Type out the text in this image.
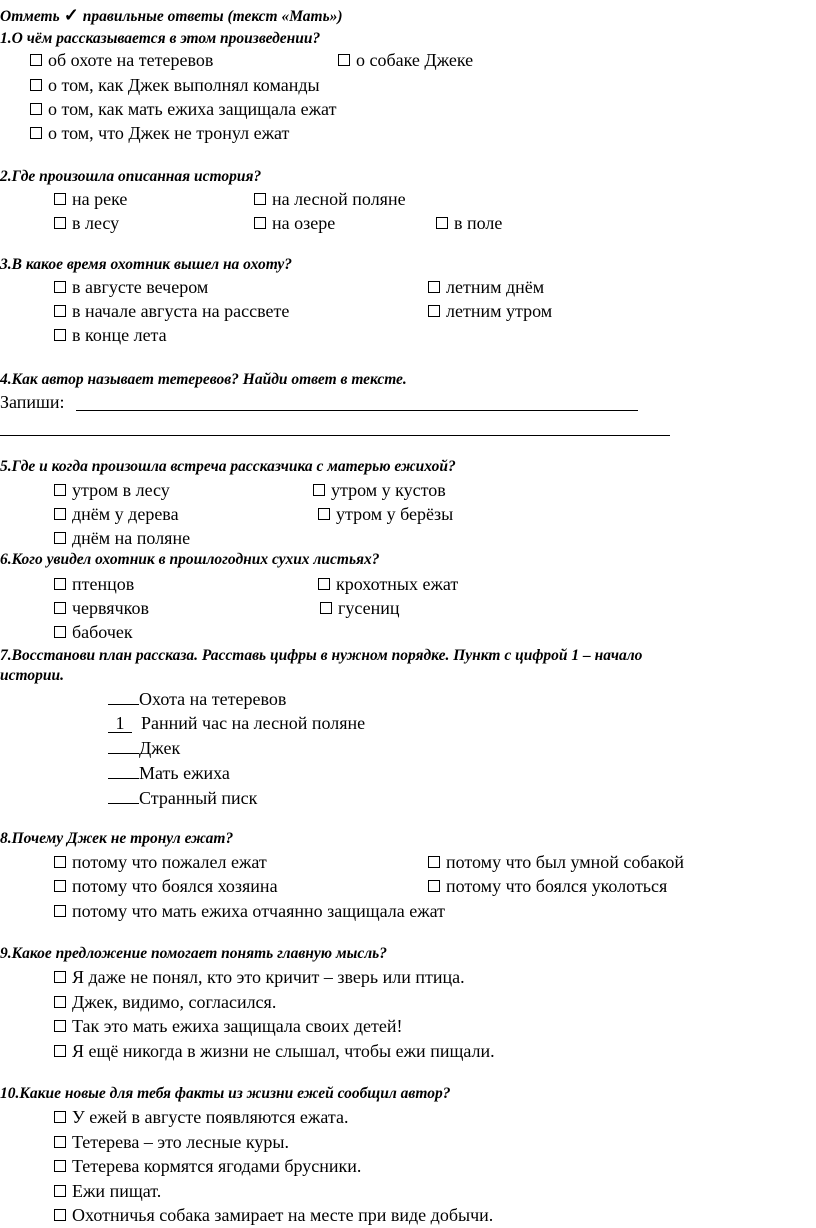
Отметь ✓ правильные ответы (текст «Мать»)
1.О чём рассказывается в этом произведении?
об охоте на тетеревов	о собаке Джеке
о том, как Джек выполнял команды
о том, как мать ежиха защищала ежат
о том, что Джек не тронул ежат
2.Где произошла описанная история?
на реке	на лесной поляне
в лесу	на озере	в поле
3.В какое время охотник вышел на охоту?
в августе вечером	летним днём
в начале августа на рассвете	летним утром
в конце лета
4.Как автор называет тетеревов? Найди ответ в тексте.
Запиши:
5.Где и когда произошла встреча рассказчика с матерью ежихой?
утром в лесу	утром у кустов
днём у дерева	утром у берёзы
днём на поляне
6.Кого увидел охотник в прошлогодних сухих листьях?
птенцов	крохотных ежат
червячков	гусениц
бабочек
7.Восстанови план рассказа. Расставь цифры в нужном порядке. Пункт с цифрой 1 – начало
истории.
Охота на тетеревов
1 Ранний час на лесной поляне
Джек
Мать ежиха
Странный писк
8.Почему Джек не тронул ежат?
потому что пожалел ежат	потому что был умной собакой
потому что боялся хозяина	потому что боялся уколоться
потому что мать ежиха отчаянно защищала ежат
9.Какое предложение помогает понять главную мысль?
Я даже не понял, кто это кричит – зверь или птица.
Джек, видимо, согласился.
Так это мать ежиха защищала своих детей!
Я ещё никогда в жизни не слышал, чтобы ежи пищали.
10.Какие новые для тебя факты из жизни ежей сообщил автор?
У ежей в августе появляются ежата.
Тетерева – это лесные куры.
Тетерева кормятся ягодами брусники.
Ежи пищат.
Охотничья собака замирает на месте при виде добычи.
